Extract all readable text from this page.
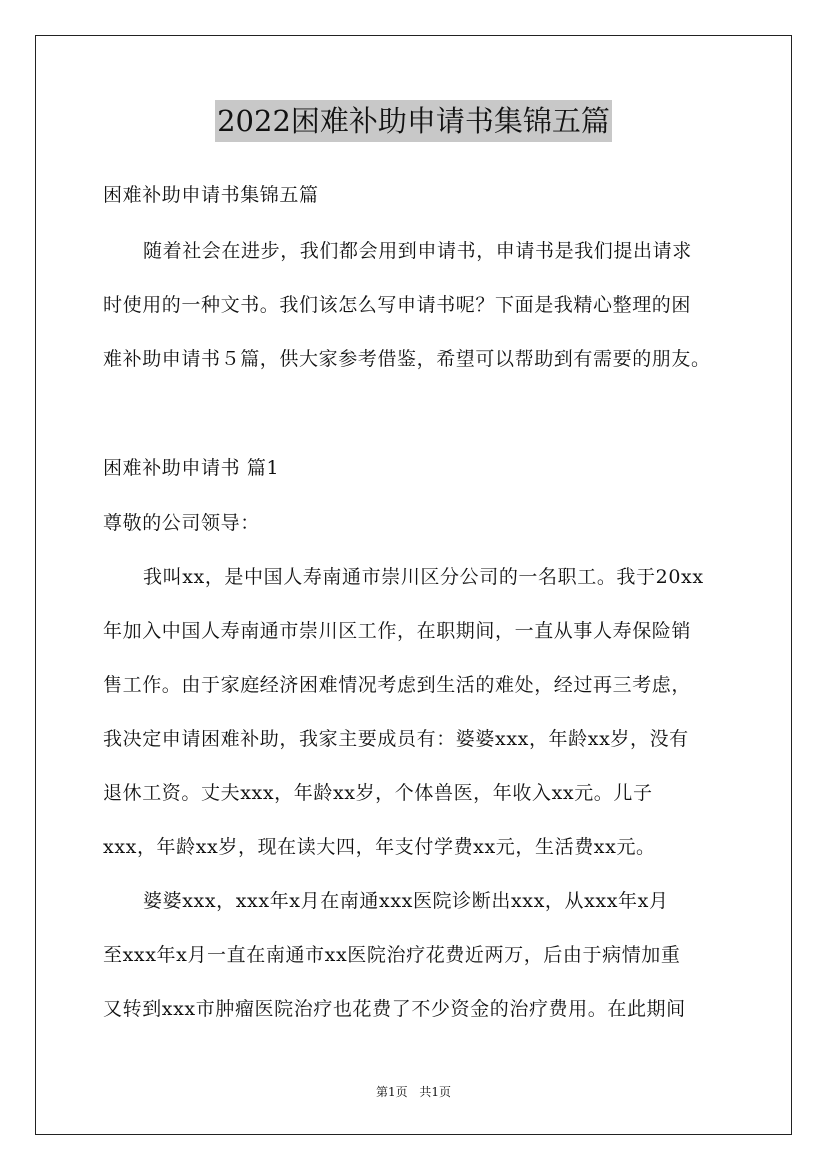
2022困难补助申请书集锦五篇
困难补助申请书集锦五篇
随着社会在进步，我们都会用到申请书，申请书是我们提出请求
时使用的一种文书。我们该怎么写申请书呢？下面是我精心整理的困
难补助申请书５篇，供大家参考借鉴，希望可以帮助到有需要的朋友。
困难补助申请书 篇1
尊敬的公司领导：
我叫xx，是中国人寿南通市崇川区分公司的一名职工。我于20xx
年加入中国人寿南通市崇川区工作，在职期间，一直从事人寿保险销
售工作。由于家庭经济困难情况考虑到生活的难处，经过再三考虑，
我决定申请困难补助，我家主要成员有：婆婆xxx，年龄xx岁，没有
退休工资。丈夫xxx，年龄xx岁，个体兽医，年收入xx元。儿子
xxx，年龄xx岁，现在读大四，年支付学费xx元，生活费xx元。
婆婆xxx，xxx年x月在南通xxx医院诊断出xxx，从xxx年x月
至xxx年x月一直在南通市xx医院治疗花费近两万，后由于病情加重
又转到xxx市肿瘤医院治疗也花费了不少资金的治疗费用。在此期间
第1页 共1页
